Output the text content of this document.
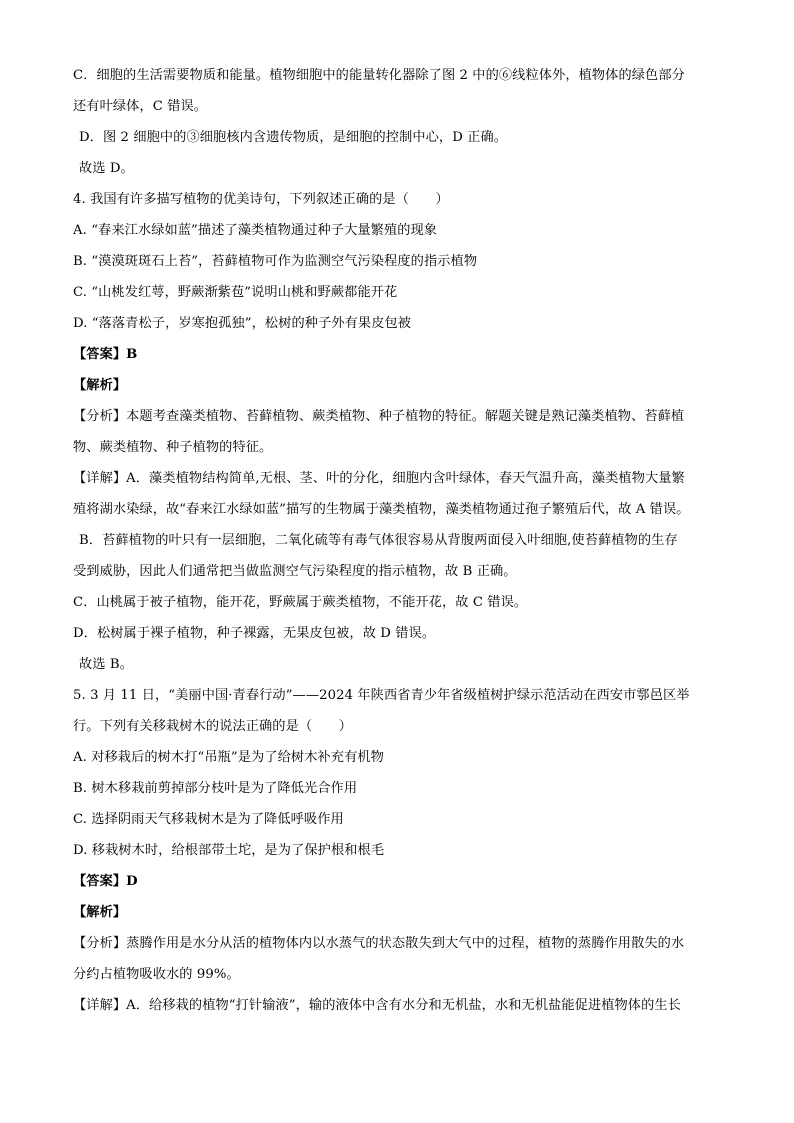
C．细胞的生活需要物质和能量。植物细胞中的能量转化器除了图 2 中的⑥线粒体外，植物体的绿色部分
还有叶绿体，C 错误。
D．图 2 细胞中的③细胞核内含遗传物质，是细胞的控制中心，D 正确。
故选 D。
4. 我国有许多描写植物的优美诗句，下列叙述正确的是（　　）
A. “春来江水绿如蓝”描述了藻类植物通过种子大量繁殖的现象
B. “漠漠斑斑石上苔”，苔藓植物可作为监测空气污染程度的指示植物
C. “山桃发红萼，野蕨渐紫苞”说明山桃和野蕨都能开花
D. “落落青松子，岁寒抱孤独”，松树的种子外有果皮包被
【答案】B
【解析】
【分析】本题考查藻类植物、苔藓植物、蕨类植物、种子植物的特征。解题关键是熟记藻类植物、苔藓植
物、蕨类植物、种子植物的特征。
【详解】A．藻类植物结构简单,无根、茎、叶的分化，细胞内含叶绿体，春天气温升高，藻类植物大量繁
殖将湖水染绿，故“春来江水绿如蓝”描写的生物属于藻类植物，藻类植物通过孢子繁殖后代，故 A 错误。
B．苔藓植物的叶只有一层细胞，二氧化硫等有毒气体很容易从背腹两面侵入叶细胞,使苔藓植物的生存
受到威胁，因此人们通常把当做监测空气污染程度的指示植物，故 B 正确。
C．山桃属于被子植物，能开花，野蕨属于蕨类植物，不能开花，故 C 错误。
D．松树属于裸子植物，种子裸露，无果皮包被，故 D 错误。
故选 B。
5. 3 月 11 日，“美丽中国·青春行动”——2024 年陕西省青少年省级植树护绿示范活动在西安市鄠邑区举
行。下列有关移栽树木的说法正确的是（　　）
A. 对移栽后的树木打“吊瓶”是为了给树木补充有机物
B. 树木移栽前剪掉部分枝叶是为了降低光合作用
C. 选择阴雨天气移栽树木是为了降低呼吸作用
D. 移栽树木时，给根部带土坨，是为了保护根和根毛
【答案】D
【解析】
【分析】蒸腾作用是水分从活的植物体内以水蒸气的状态散失到大气中的过程，植物的蒸腾作用散失的水
分约占植物吸收水的 99%。
【详解】A．给移栽的植物“打针输液”，输的液体中含有水分和无机盐，水和无机盐能促进植物体的生长
